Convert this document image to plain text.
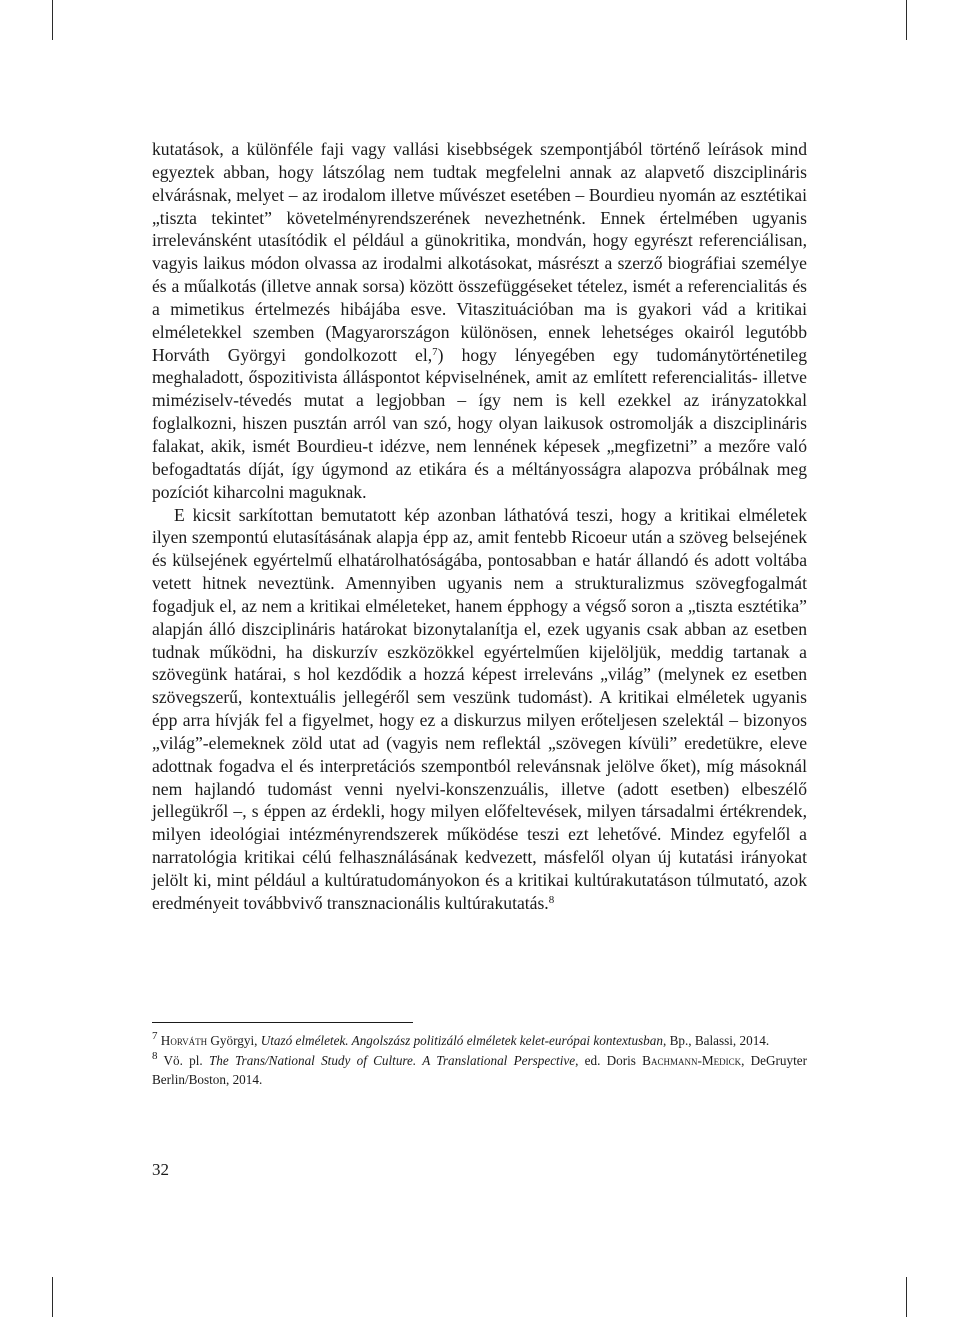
kutatások, a különféle faji vagy vallási kisebbségek szempontjából történő leírások mind egyeztek abban, hogy látszólag nem tudtak megfelelni annak az alapvető diszciplináris elvárásnak, melyet – az irodalom illetve művészet esetében – Bourdieu nyomán az esztétikai „tiszta tekintet” követelményrendszerének nevezhetnénk. Ennek értelmében ugyanis irrelevánsként utasítódik el például a günokritika, mondván, hogy egyrészt referenciálisan, vagyis laikus módon olvassa az irodalmi alkotásokat, másrészt a szerző biográfiai személye és a műalkotás (illetve annak sorsa) között összefüggéseket tételez, ismét a referencialitás és a mimetikus értelmezés hibájába esve. Vitaszituációban ma is gyakori vád a kritikai elméletekkel szemben (Magyarországon különösen, ennek lehetséges okairól legutóbb Horváth Györgyi gondolkozott el,$^7$) hogy lényegében egy tudománytörténetileg meghaladott, őspozitivista álláspontot képviselnének, amit az említett referencialitás- illetve miméziselv-tévedés mutat a legjobban – így nem is kell ezekkel az irányzatokkal foglalkozni, hiszen pusztán arról van szó, hogy olyan laikusok ostromolják a diszciplináris falakat, akik, ismét Bourdieu-t idézve, nem lennének képesek „megfizetni” a mezőre való befogadtatás díját, így úgymond az etikára és a méltányosságra alapozva próbálnak meg pozíciót kiharcolni maguknak.

E kicsit sarkítottan bemutatott kép azonban láthatóvá teszi, hogy a kritikai elméletek ilyen szempontú elutasításának alapja épp az, amit fentebb Ricoeur után a szöveg belsejének és külsejének egyértelmű elhatárolhatóságába, pontosabban e határ állandó és adott voltába vetett hitnek neveztünk. Amennyiben ugyanis nem a strukturalizmus szövegfogalmát fogadjuk el, az nem a kritikai elméleteket, hanem épphogy a végső soron a „tiszta esztétika” alapján álló diszciplináris határokat bizonytalanítja el, ezek ugyanis csak abban az esetben tudnak működni, ha diskurzív eszközökkel egyértelműen kijelöljük, meddig tartanak a szövegünk határai, s hol kezdődik a hozzá képest irreleváns „világ” (melynek ez esetben szövegszerű, kontextuális jellegéről sem veszünk tudomást). A kritikai elméletek ugyanis épp arra hívják fel a figyelmet, hogy ez a diskurzus milyen erőteljesen szelektál – bizonyos „világ”-elemeknek zöld utat ad (vagyis nem reflektál „szövegen kívüli” eredetükre, eleve adottnak fogadva el és interpretációs szempontból relevánsnak jelölve őket), míg másoknál nem hajlandó tudomást venni nyelvi-konszenzuális, illetve (adott esetben) elbeszélő jellegükről –, s éppen az érdekli, hogy milyen előfeltevések, milyen társadalmi értékrendek, milyen ideológiai intézményrendszerek működése teszi ezt lehetővé. Mindez egyfelől a narratológia kritikai célú felhasználásának kedvezett, másfelől olyan új kutatási irányokat jelölt ki, mint például a kultúratudományokon és a kritikai kultúrakutatáson túlmutató, azok eredményeit továbbvivő transznacionális kultúrakutatás.$^8$

$^7$ Horváth Györgyi, Utazó elméletek. Angolszász politizáló elméletek kelet-európai kontextusban, Bp., Balassi, 2014.

$^8$ Vö. pl. The Trans/National Study of Culture. A Translational Perspective, ed. Doris Bachmann-Medick, DeGruyter Berlin/Boston, 2014.

32
